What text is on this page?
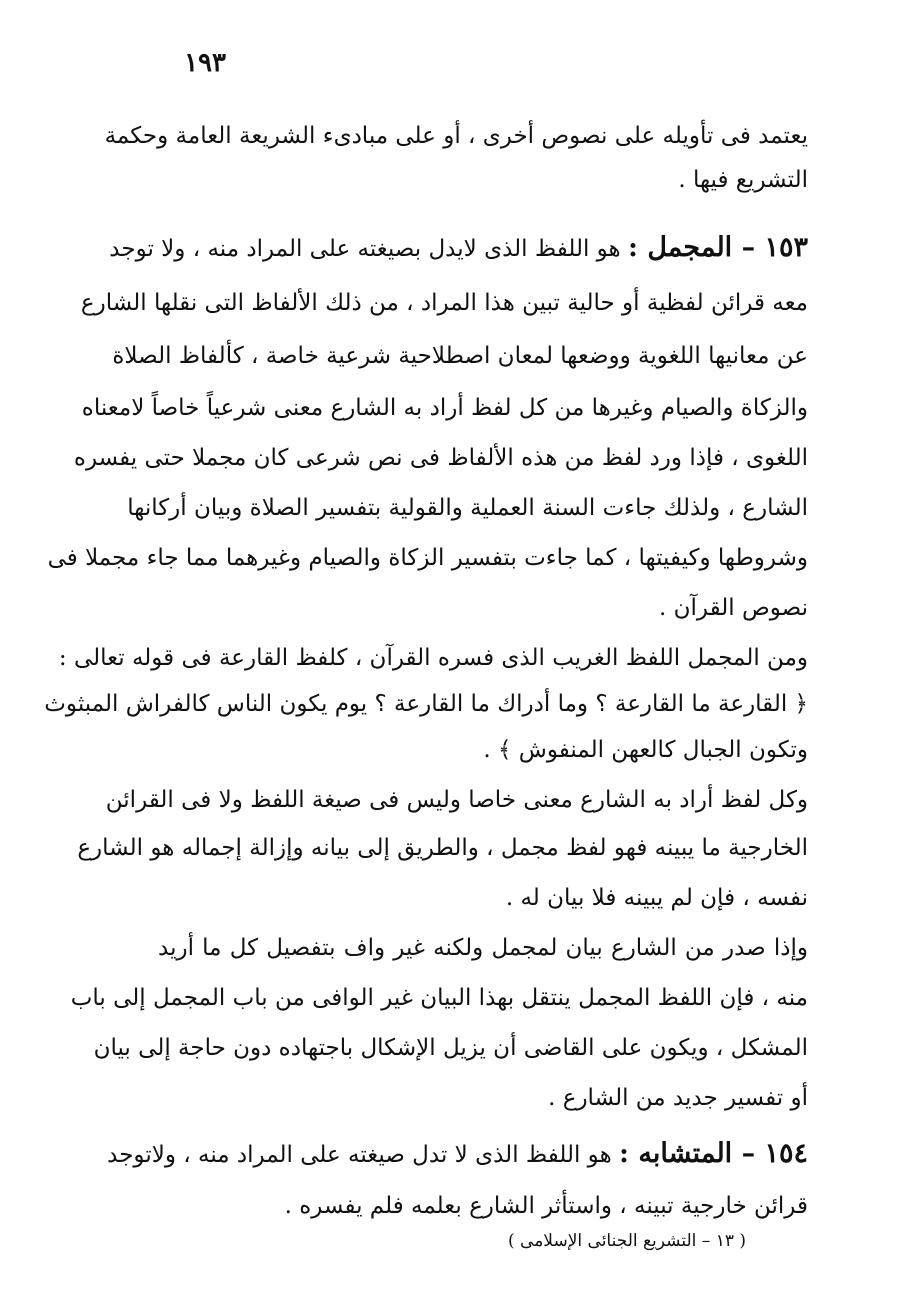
١٩٣
يعتمد فى تأويله على نصوص أخرى ، أو على مبادىء الشريعة العامة وحكمة
التشريع فيها .
١٥٣ – المجمل : هو اللفظ الذى لايدل بصيغته على المراد منه ، ولا توجد
معه قرائن لفظية أو حالية تبين هذا المراد ، من ذلك الألفاظ التى نقلها الشارع
عن معانيها اللغوية ووضعها لمعان اصطلاحية شرعية خاصة ، كألفاظ الصلاة
والزكاة والصيام وغيرها من كل لفظ أراد به الشارع معنى شرعياً خاصاً لامعناه
اللغوى ، فإذا ورد لفظ من هذه الألفاظ فى نص شرعى كان مجملا حتى يفسره
الشارع ، ولذلك جاءت السنة العملية والقولية بتفسير الصلاة وبيان أركانها
وشروطها وكيفيتها ، كما جاءت بتفسير الزكاة والصيام وغيرهما مما جاء مجملا فى
نصوص القرآن .
ومن المجمل اللفظ الغريب الذى فسره القرآن ، كلفظ القارعة فى قوله تعالى :
﴿ القارعة ما القارعة ؟ وما أدراك ما القارعة ؟ يوم يكون الناس كالفراش المبثوث
وتكون الجبال كالعهن المنفوش ﴾ .
وكل لفظ أراد به الشارع معنى خاصا وليس فى صيغة اللفظ ولا فى القرائن
الخارجية ما يبينه فهو لفظ مجمل ، والطريق إلى بيانه وإزالة إجماله هو الشارع
نفسه ، فإن لم يبينه فلا بيان له .
وإذا صدر من الشارع بيان لمجمل ولكنه غير واف بتفصيل كل ما أريد
منه ، فإن اللفظ المجمل ينتقل بهذا البيان غير الوافى من باب المجمل إلى باب
المشكل ، ويكون على القاضى أن يزيل الإشكال باجتهاده دون حاجة إلى بيان
أو تفسير جديد من الشارع .
١٥٤ – المتشابه : هو اللفظ الذى لا تدل صيغته على المراد منه ، ولاتوجد
قرائن خارجية تبينه ، واستأثر الشارع بعلمه فلم يفسره .
( ١٣ – التشريع الجنائى الإسلامى )
